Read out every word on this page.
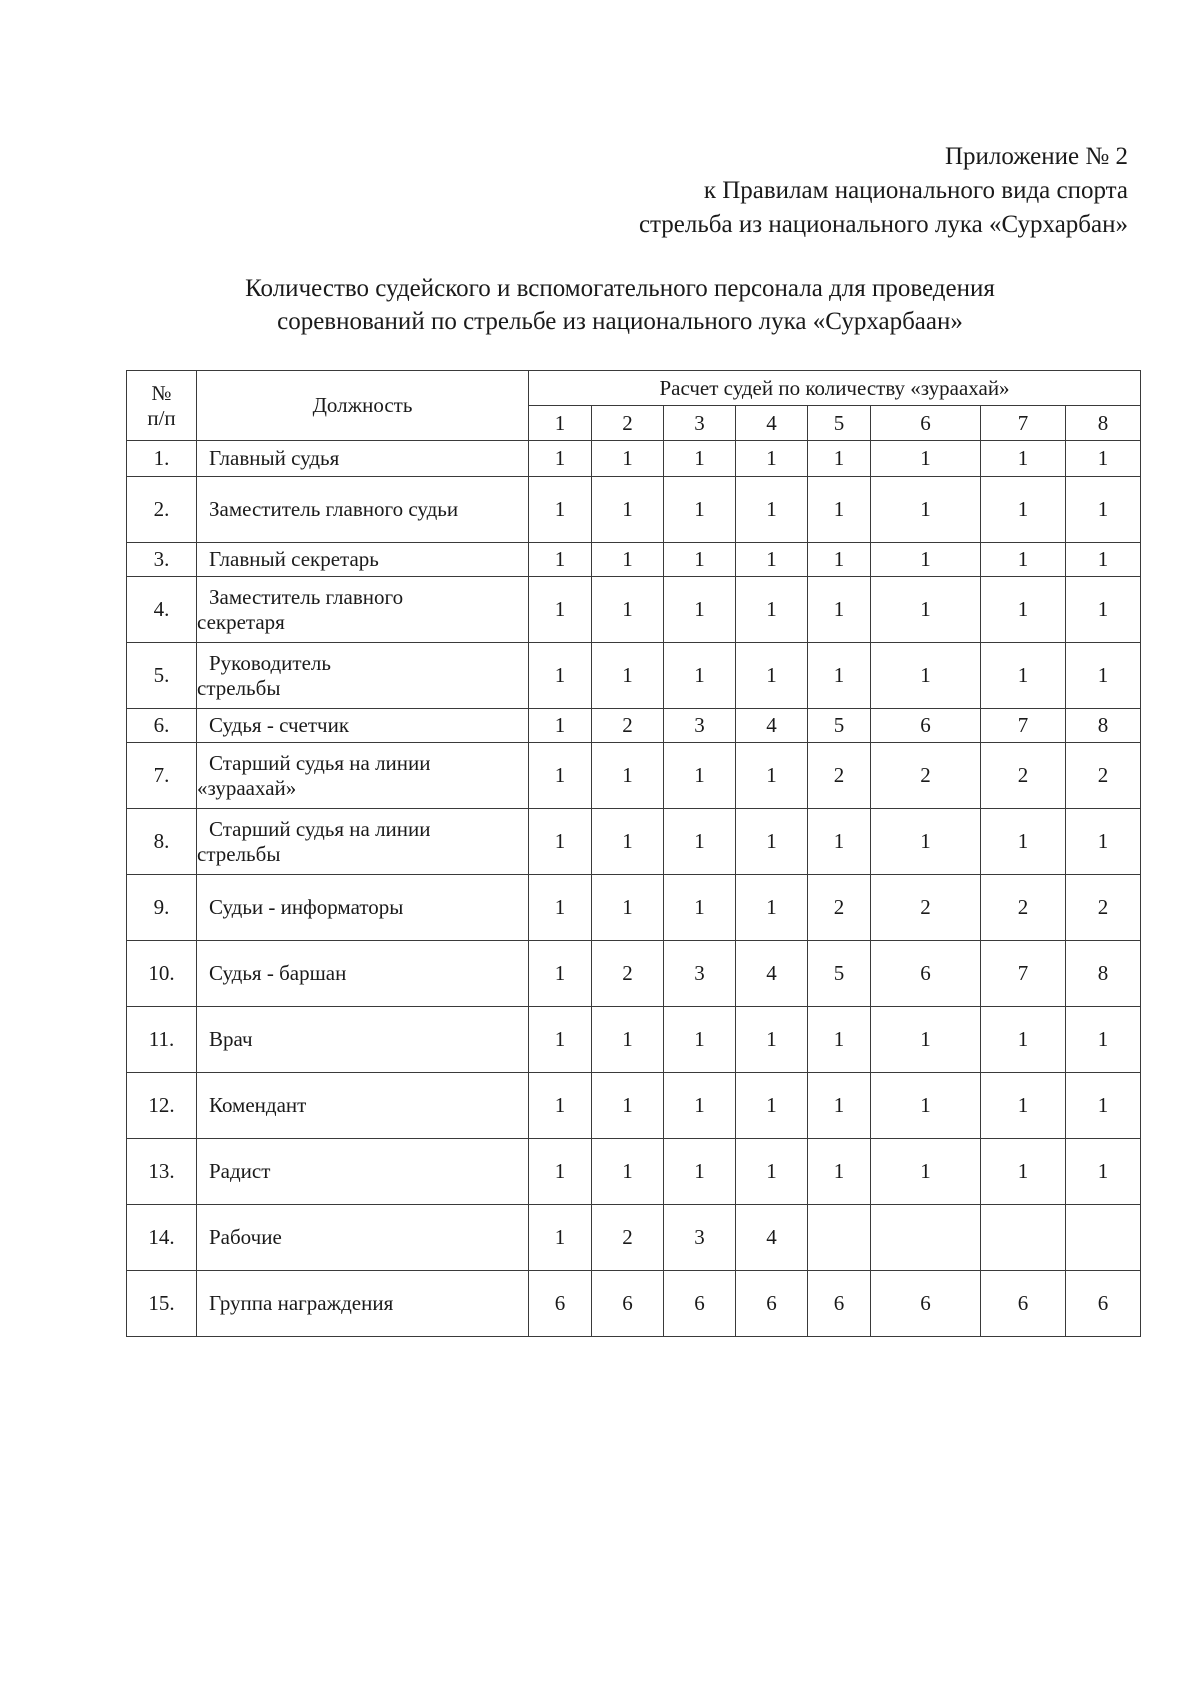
Приложение № 2
к Правилам национального вида спорта
стрельба из национального лука «Сурхарбан»
Количество судейского и вспомогательного персонала для проведения
соревнований по стрельбе из национального лука «Сурхарбаан»
№
п/п	Должность	Расчет судей по количеству «зураахай»							
		1	2	3	4	5	6	7	8
1.	Главный судья	1	1	1	1	1	1	1	1
2.	Заместитель главного судьи	1	1	1	1	1	1	1	1
3.	Главный секретарь	1	1	1	1	1	1	1	1
4.	Заместитель главного
секретаря	1	1	1	1	1	1	1	1
5.	Руководитель
стрельбы	1	1	1	1	1	1	1	1
6.	Судья - счетчик	1	2	3	4	5	6	7	8
7.	Старший судья на линии
«зураахай»	1	1	1	1	2	2	2	2
8.	Старший судья на линии
стрельбы	1	1	1	1	1	1	1	1
9.	Судьи - информаторы	1	1	1	1	2	2	2	2
10.	Судья - баршан	1	2	3	4	5	6	7	8
11.	Врач	1	1	1	1	1	1	1	1
12.	Комендант	1	1	1	1	1	1	1	1
13.	Радист	1	1	1	1	1	1	1	1
14.	Рабочие	1	2	3	4				
15.	Группа награждения	6	6	6	6	6	6	6	6
